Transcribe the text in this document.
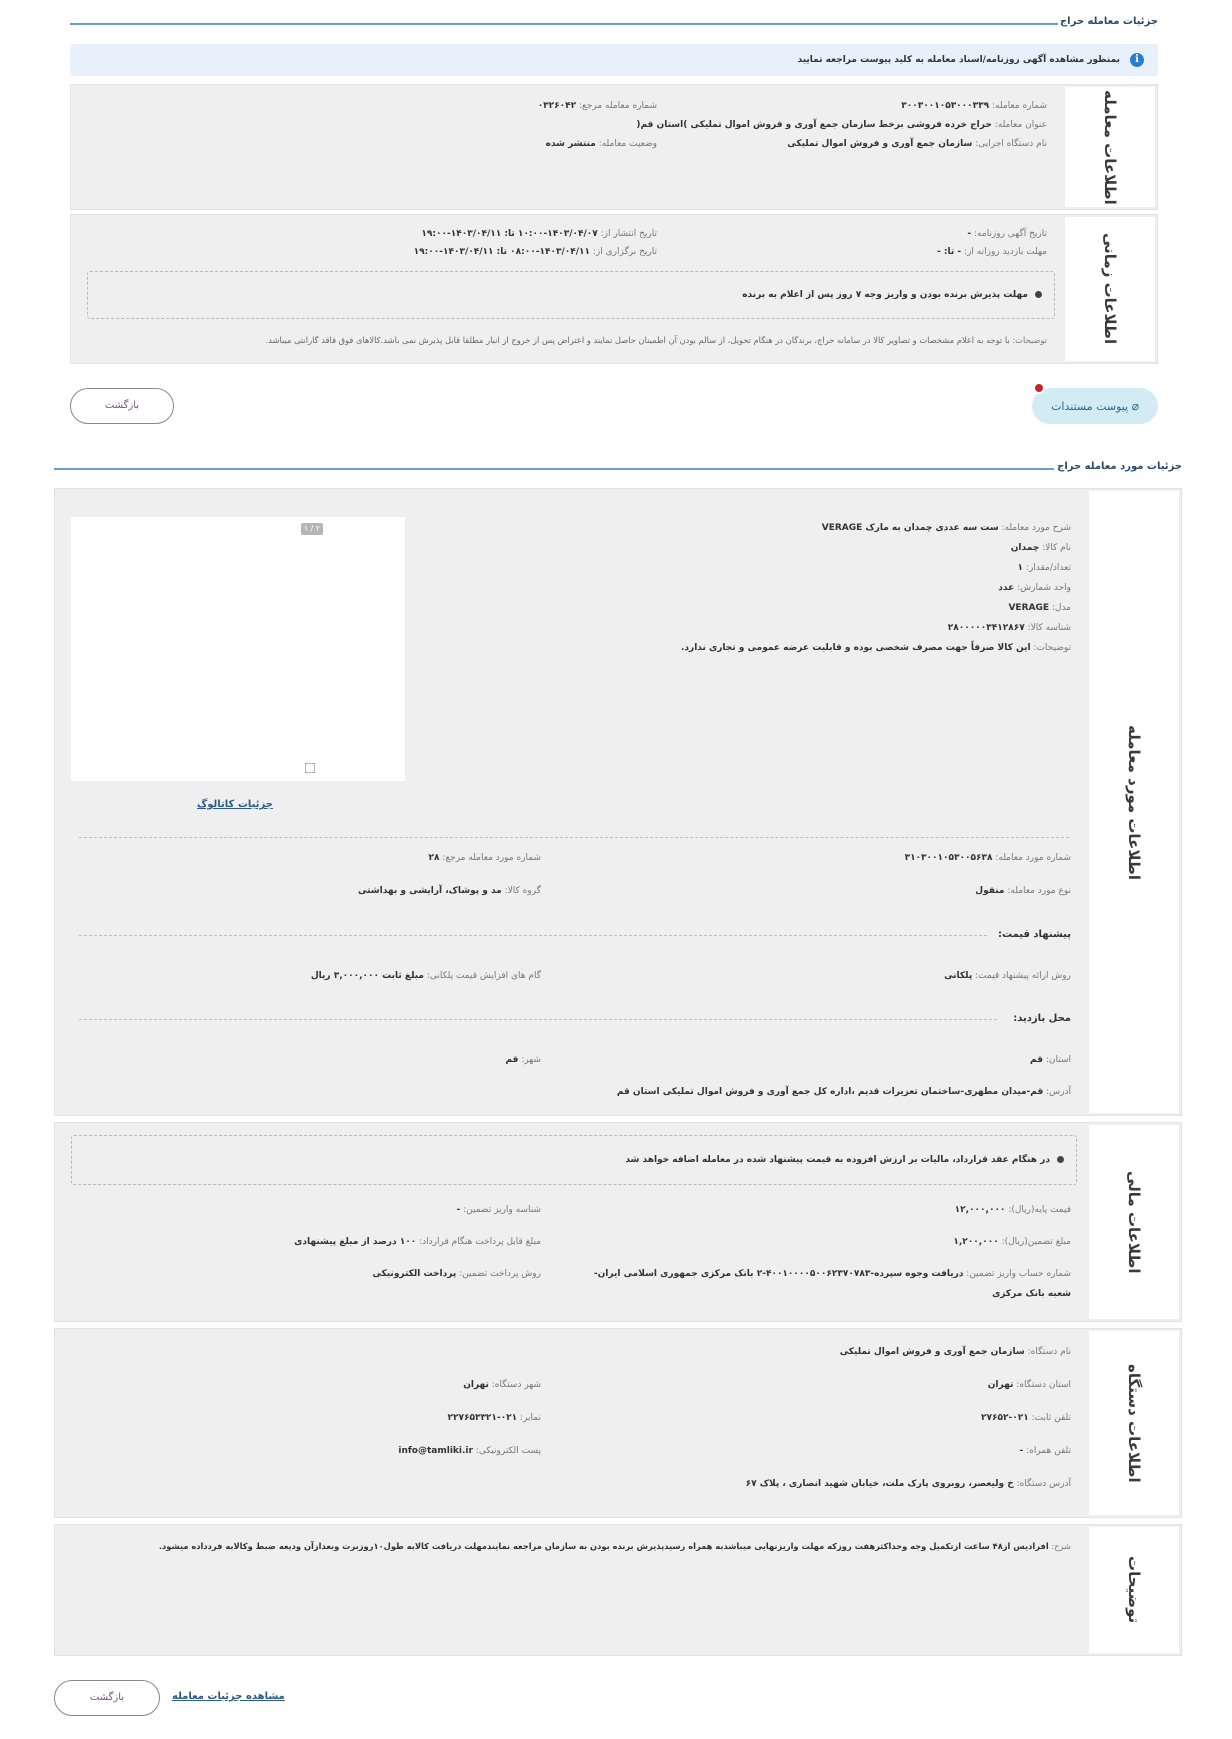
جزئیات معامله حراج
i
بمنظور مشاهده آگهی روزنامه/اسناد معامله به کلید پیوست مراجعه تمایید
اطلاعات معامله
شماره معامله: ۳۰۰۳۰۰۱۰۵۳۰۰۰۳۳۹
عنوان معامله: حراج خرده فروشی برخط سازمان جمع آوری و فروش اموال تملیکی )استان قم(
نام دستگاه اجرایی: سازمان جمع آوری و فروش اموال تملیکی
شماره معامله مرجع: ۰۳۲۶۰۴۲
وضعیت معامله: منتشر شده
اطلاعات زمانی
تاریخ آگهی روزنامه: -
مهلت بازدید روزانه از: - تا: -
تاریخ انتشار از: ۱۴۰۳/۰۴/۰۷-۱۰:۰۰ تا: ۱۴۰۳/۰۴/۱۱-۱۹:۰۰
تاریخ برگزاری از: ۱۴۰۳/۰۴/۱۱-۰۸:۰۰ تا: ۱۴۰۳/۰۴/۱۱-۱۹:۰۰
مهلت پذیرش برنده بودن و واریز وجه ۷ روز پس از اعلام به برنده
توضیحات: با توجه به اعلام مشخصات و تصاویر کالا در سامانه حراج، برندگان در هنگام تحویل، از سالم بودن آن اطمینان حاصل نمایند و اعتراض پس از خروج از انبار مطلقا قابل پذیرش نمی باشد.کالاهای فوق فاقد گارانتی میباشد.
⌀ پیوست مستندات
بازگشت
جزئیات مورد معامله حراج
اطلاعات مورد معامله
شرح مورد معامله: ست سه عددی چمدان به مارک VERAGE
نام کالا: چمدان
تعداد/مقدار: ۱
واحد شمارش: عدد
مدل: VERAGE
شناسه کالا: ۲۸۰۰۰۰۰۳۴۱۲۸۶۷
توضیحات: این کالا صرفاً جهت مصرف شخصی بوده و قابلیت عرضه عمومی و تجاری ندارد.
۱ / ۲
جزئیات کاتالوگ
شماره مورد معامله: ۳۱۰۳۰۰۱۰۵۳۰۰۵۶۳۸
شماره مورد معامله مرجع: ۲۸
نوع مورد معامله: منقول
گروه کالا: مد و پوشاک، آرایشی و بهداشتی
پیشنهاد قیمت:
روش ارائه پیشنهاد قیمت: پلکانی
گام های افزایش قیمت پلکانی: مبلغ ثابت ۳,۰۰۰,۰۰۰ ریال
محل بازدید:
استان: قم
شهر: قم
آدرس: قم-میدان مطهری-ساختمان تعزیرات قدیم ،اداره کل جمع آوری و فروش اموال تملیکی استان قم
اطلاعات مالی
در هنگام عقد قرارداد، مالیات بر ارزش افزوده به قیمت پیشنهاد شده در معامله اضافه خواهد شد
قیمت پایه(ریال): ۱۲,۰۰۰,۰۰۰
شناسه واریز تضمین: -
مبلغ تضمین(ریال): ۱,۲۰۰,۰۰۰
مبلغ قابل پرداخت هنگام قرارداد: ۱۰۰ درصد از مبلغ پیشنهادی
شماره حساب واریز تضمین: دریافت وجوه سپرده-۴۰۰۱۰۰۰۰۵۰۰۶۲۳۷۰۷۸۳-۲ بانک مرکزی جمهوری اسلامی ایران-
شعبه بانک مرکزی
روش پرداخت تضمین: پرداخت الکترونیکی
اطلاعات دستگاه
نام دستگاه: سازمان جمع آوری و فروش اموال تملیکی
استان دستگاه: تهران
شهر دستگاه: تهران
تلفن ثابت: ۰۲۱-۲۷۶۵۲
نمابر: ۰۲۱-۲۲۷۶۵۳۳۲۱
تلفن همراه: -
پست الکترونیکی: info@tamliki.ir
آدرس دستگاه: خ ولیعصر، روبروی پارک ملت، خیابان شهید انصاری ، پلاک ۶۷
توضیحات
شرح: افرادیس از۴۸ ساعت ازتکمیل وجه وحداکثرهفت روزکه مهلت واریزنهایی میباشدبه همراه رسیدپذیرش برنده بودن به سازمان مراجعه نمایندمهلت دریافت کالابه طول۱۰روزبرت وبعدازآن ودیعه ضبط وکالابه فردداده میشود.
بازگشت	مشاهده جزئیات معامله
